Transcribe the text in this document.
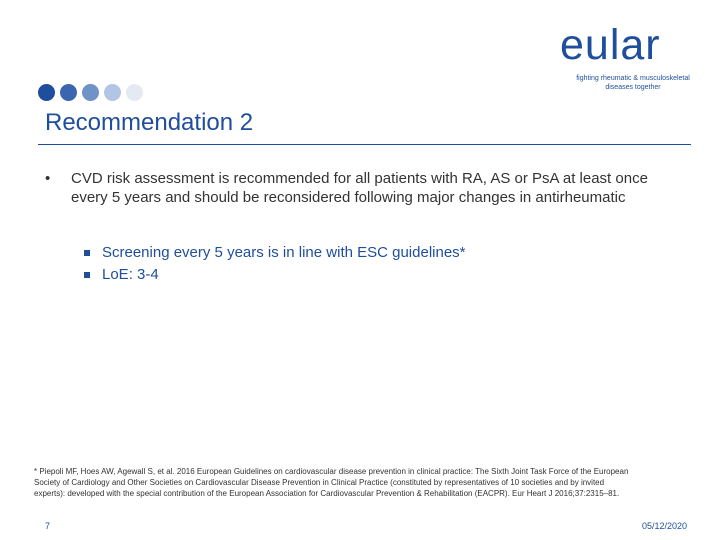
eular
fighting rheumatic & musculoskeletal
diseases together
Recommendation 2
• CVD risk assessment is recommended for all patients with RA, AS or PsA at least once every 5 years and should be reconsidered following major changes in antirheumatic
Screening every 5 years is in line with ESC guidelines*
LoE: 3-4
* Piepoli MF, Hoes AW, Agewall S, et al. 2016 European Guidelines on cardiovascular disease prevention in clinical practice: The Sixth Joint Task Force of the European Society of Cardiology and Other Societies on Cardiovascular Disease Prevention in Clinical Practice (constituted by representatives of 10 societies and by invited experts): developed with the special contribution of the European Association for Cardiovascular Prevention & Rehabilitation (EACPR). Eur Heart J 2016;37:2315–81.
7	05/12/2020
